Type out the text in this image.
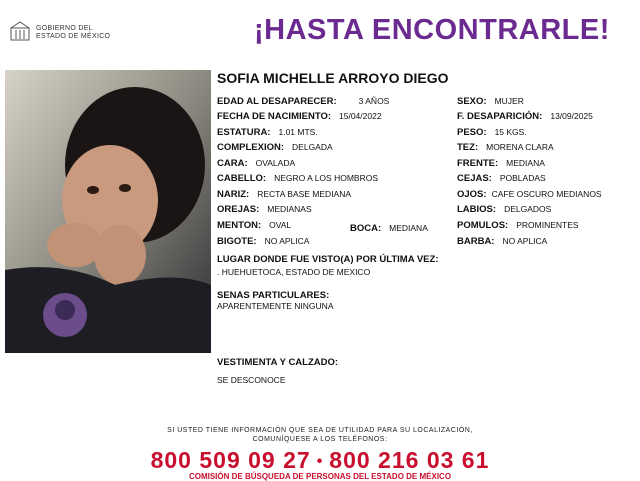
GOBIERNO DEL
ESTADO DE MÉXICO	¡HASTA ENCONTRARLE!
SOFIA MICHELLE ARROYO DIEGO
EDAD AL DESAPARECER:	3 AÑOS
FECHA DE NACIMIENTO: 15/04/2022
ESTATURA: 1.01 MTS.
COMPLEXION: DELGADA
CARA: OVALADA
CABELLO: NEGRO A LOS HOMBROS
NARIZ: RECTA BASE MEDIANA
OREJAS: MEDIANAS
MENTON: OVAL	BOCA: MEDIANA
BIGOTE: NO APLICA
SEXO: MUJER
F. DESAPARICIÓN: 13/09/2025
PESO: 15 KGS.
TEZ: MORENA CLARA
FRENTE: MEDIANA
CEJAS: POBLADAS
OJOS: CAFE OSCURO MEDIANOS
LABIOS: DELGADOS
POMULOS: PROMINENTES
BARBA: NO APLICA
LUGAR DONDE FUE VISTO(A) POR ÚLTIMA VEZ:
. HUEHUETOCA, ESTADO DE MEXICO
SENAS PARTICULARES:
APARENTEMENTE NINGUNA
VESTIMENTA Y CALZADO:
SE DESCONOCE
SI USTED TIENE INFORMACIÓN QUE SEA DE UTILIDAD PARA SU LOCALIZACIÓN,
COMUNÍQUESE A LOS TELÉFONOS:
800 509 09 27 • 800 216 03 61
COMISIÓN DE BÚSQUEDA DE PERSONAS DEL ESTADO DE MÉXICO
